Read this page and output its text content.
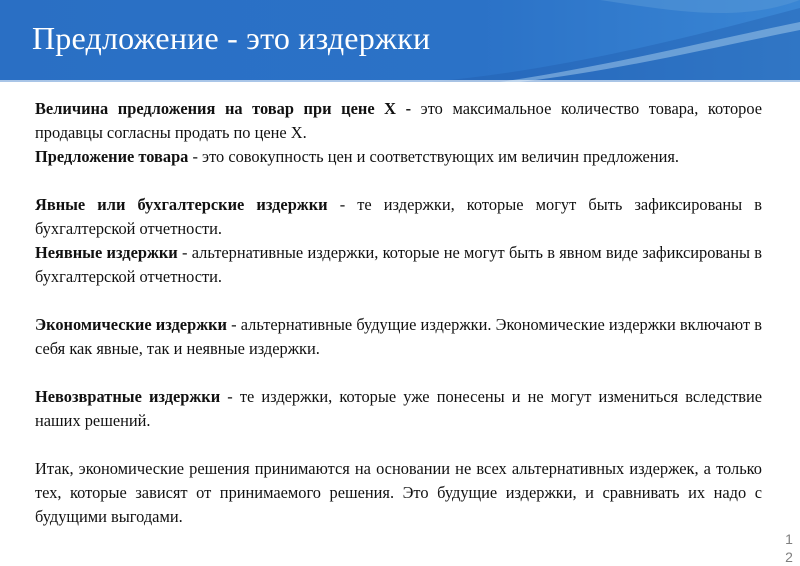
Предложение - это издержки
Величина предложения на товар при цене Х - это максимальное количество товара, которое продавцы согласны продать по цене Х.
Предложение товара - это совокупность цен и соответствующих им величин предложения.
Явные или бухгалтерские издержки - те издержки, которые могут быть зафиксированы в бухгалтерской отчетности.
Неявные издержки - альтернативные издержки, которые не могут быть в явном виде зафиксированы в бухгалтерской отчетности.
Экономические издержки - альтернативные будущие издержки. Экономические издержки включают в себя как явные, так и неявные издержки.
Невозвратные издержки - те издержки, которые уже понесены и не могут измениться вследствие наших решений.
Итак, экономические решения принимаются на основании не всех альтернативных издержек, а только тех, которые зависят от принимаемого решения. Это будущие издержки, и сравнивать их надо с будущими выгодами.
1
2
